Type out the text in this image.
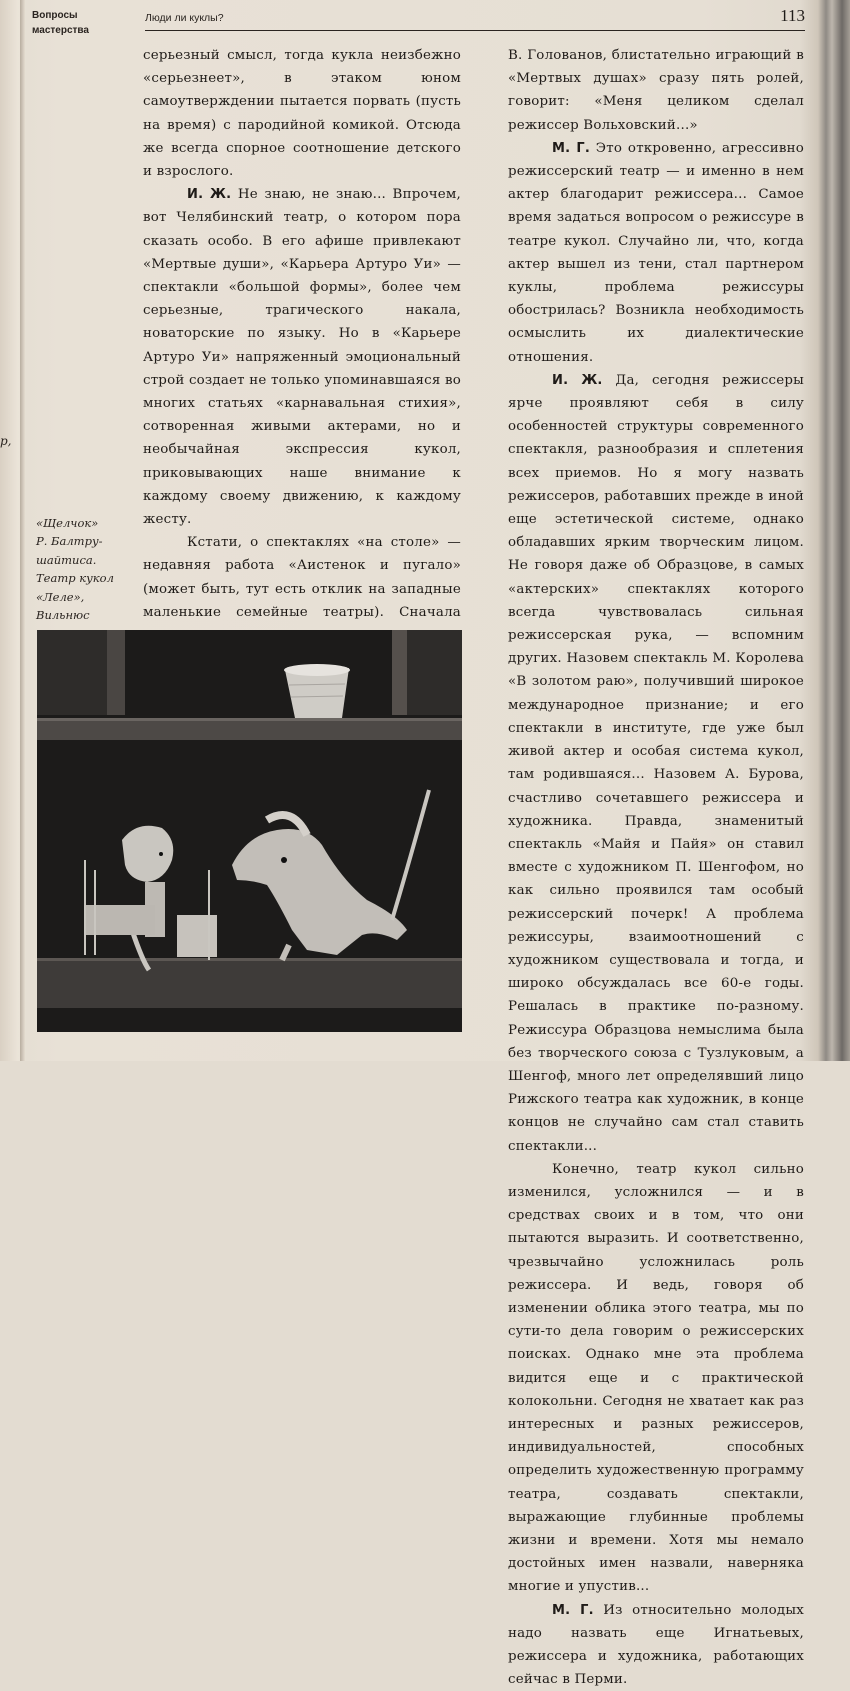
Вопросы
мастерства
Люди ли куклы?	113
р,

серьезный смысл, тогда кукла неизбежно «серьезнеет», в этаком юном самоутверждении пытается порвать (пусть на время) с пародийной комикой. Отсюда же всегда спорное соотношение детского и взрослого.

И. Ж. Не знаю, не знаю... Впрочем, вот Челябинский театр, о котором пора сказать особо. В его афише привлекают «Мертвые души», «Карьера Артуро Уи» — спектакли «большой формы», более чем серьезные, трагического накала, новаторские по языку. Но в «Карьере Артуро Уи» напряженный эмоциональный строй создает не только упоминавшаяся во многих статьях «карнавальная стихия», сотворенная живыми актерами, но и необычайная экспрессия кукол, приковывающих наше внимание к каждому своему движению, к каждому жесту.

Кстати, о спектаклях «на столе» — недавняя работа «Аистенок и пугало» (может быть, тут есть отклик на западные маленькие семейные театры). Сначала

В. Голованов, блистательно играющий в «Мертвых душах» сразу пять ролей, говорит: «Меня целиком сделал режиссер Вольховский...»

М. Г. Это откровенно, агрессивно режиссерский театр — и именно в нем актер благодарит режиссера... Самое время задаться вопросом о режиссуре в театре кукол. Случайно ли, что, когда актер вышел из тени, стал партнером куклы, проблема режиссуры обострилась? Возникла необходимость осмыслить их диалектические отношения.

И. Ж. Да, сегодня режиссеры ярче проявляют себя в силу особенностей структуры современного спектакля, разнообразия и сплетения всех приемов. Но я могу назвать режиссеров, работавших прежде в иной еще эстетической системе, однако обладавших ярким творческим лицом. Не говоря даже об Образцове, в самых «актерских» спектаклях которого всегда чувствовалась сильная режиссерская рука, — вспомним других. Назовем спектакль М. Королева «В золотом раю», получивший широкое международное признание; и его спектакли в институте, где уже был живой актер и особая система кукол, там родившаяся... Назовем А. Бурова, счастливо сочетавшего режиссера и художника. Правда, знаменитый спектакль «Майя и Пайя» он ставил вместе с художником П. Шенгофом, но как сильно проявился там особый режиссерский почерк! А проблема режиссуры, взаимоотношений с художником существовала и тогда, и широко обсуждалась все 60-е годы. Решалась в практике по-разному. Режиссура Образцова немыслима была без творческого союза с Тузлуковым, а Шенгоф, много лет определявший лицо Рижского театра как художник, в конце концов не случайно сам стал ставить спектакли...

Конечно, театр кукол сильно изменился, усложнился — и в средствах своих и в том, что они пытаются выразить. И соответственно, чрезвычайно усложнилась роль режиссера. И ведь, говоря об изменении облика этого театра, мы по сути-то дела говорим о режиссерских поисках. Однако мне эта проблема видится еще и с практической колокольни. Сегодня не хватает как раз интересных и разных режиссеров, индивидуальностей, способных определить художественную программу театра, создавать спектакли, выражающие глубинные проблемы жизни и времени. Хотя мы немало достойных имен назвали, наверняка многие и упустив...

М. Г. Из относительно молодых надо назвать еще Игнатьевых, режиссера и художника, работающих сейчас в Перми.

«Щелчок»
Р. Балтру-
шайтиса.
Театр кукол
«Леле»,
Вильнюс
